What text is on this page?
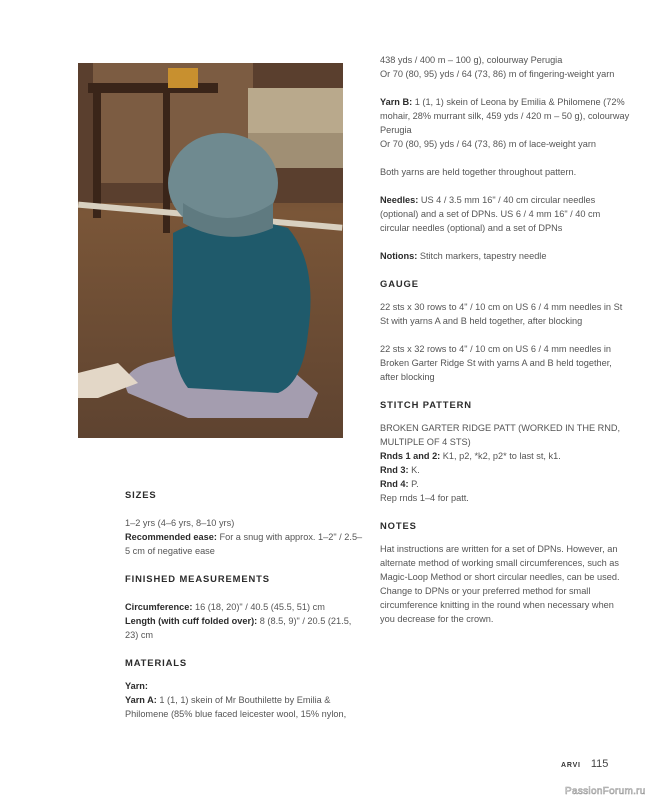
SIZES

1–2 yrs (4–6 yrs, 8–10 yrs)

Recommended ease: For a snug with approx. 1–2" / 2.5–5 cm of negative ease

FINISHED MEASUREMENTS

Circumference: 16 (18, 20)" / 40.5 (45.5, 51) cm

Length (with cuff folded over): 8 (8.5, 9)" / 20.5 (21.5, 23) cm

MATERIALS

Yarn:

Yarn A: 1 (1, 1) skein of Mr Bouthilette by Emilia & Philomene (85% blue faced leicester wool, 15% nylon,

438 yds / 400 m – 100 g), colourway Perugia

Or 70 (80, 95) yds / 64 (73, 86) m of fingering-weight yarn

Yarn B: 1 (1, 1) skein of Leona by Emilia & Philomene (72% mohair, 28% murrant silk, 459 yds / 420 m – 50 g), colourway Perugia

Or 70 (80, 95) yds / 64 (73, 86) m of lace-weight yarn

Both yarns are held together throughout pattern.

Needles: US 4 / 3.5 mm 16" / 40 cm circular needles (optional) and a set of DPNs. US 6 / 4 mm 16" / 40 cm circular needles (optional) and a set of DPNs

Notions: Stitch markers, tapestry needle

GAUGE

22 sts x 30 rows to 4" / 10 cm on US 6 / 4 mm needles in St St with yarns A and B held together, after blocking

22 sts x 32 rows to 4" / 10 cm on US 6 / 4 mm needles in Broken Garter Ridge St with yarns A and B held together, after blocking

STITCH PATTERN

BROKEN GARTER RIDGE PATT (WORKED IN THE RND, MULTIPLE OF 4 STS)

Rnds 1 and 2: K1, p2, *k2, p2* to last st, k1.

Rnd 3: K.

Rnd 4: P.

Rep rnds 1–4 for patt.

NOTES

Hat instructions are written for a set of DPNs. However, an alternate method of working small circumferences, such as Magic-Loop Method or short circular needles, can be used. Change to DPNs or your preferred method for small circumference knitting in the round when necessary when you decrease for the crown.

ARVI 115
PassionForum.ru
